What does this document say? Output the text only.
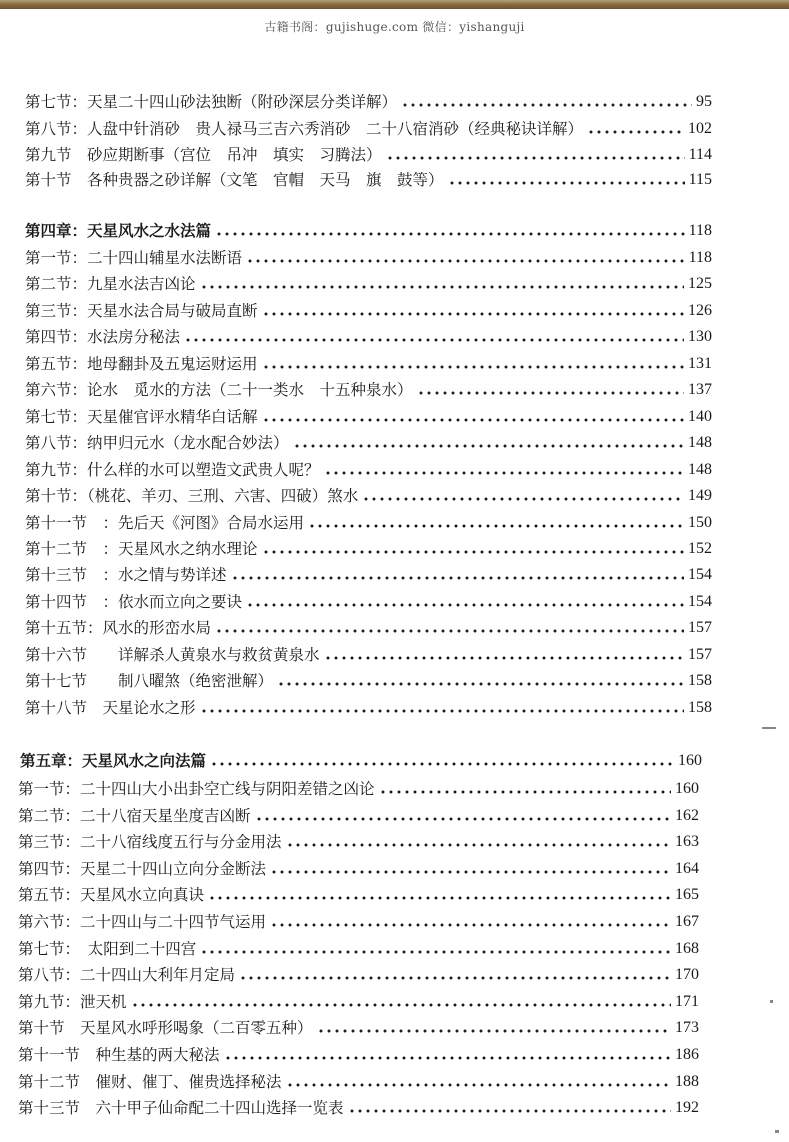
古籍书阁：gujishuge.com 微信：yishanguji
第七节：天星二十四山砂法独断（附砂深层分类详解）	95
第八节：人盘中针消砂　贵人禄马三吉六秀消砂　二十八宿消砂（经典秘诀详解）	102
第九节　砂应期断事（宫位　吊冲　填实　习腾法）	114
第十节　各种贵器之砂详解（文笔　官帽　天马　旗　鼓等）	115
第四章：天星风水之水法篇	118
第一节：二十四山辅星水法断语	118
第二节：九星水法吉凶论	125
第三节：天星水法合局与破局直断	126
第四节：水法房分秘法	130
第五节：地母翻卦及五鬼运财运用	131
第六节：论水　觅水的方法（二十一类水　十五种泉水）	137
第七节：天星催官评水精华白话解	140
第八节：纳甲归元水（龙水配合妙法）	148
第九节：什么样的水可以塑造文武贵人呢？	148
第十节：（桃花、羊刃、三刑、六害、四破）煞水	149
第十一节　：先后天《河图》合局水运用	150
第十二节　：天星风水之纳水理论	152
第十三节　：水之情与势详述	154
第十四节　：依水而立向之要诀	154
第十五节：风水的形峦水局	157
第十六节　　详解杀人黄泉水与救贫黄泉水	157
第十七节　　制八曜煞（绝密泄解）	158
第十八节　天星论水之形	158
第五章：天星风水之向法篇	160
第一节：二十四山大小出卦空亡线与阴阳差错之凶论	160
第二节：二十八宿天星坐度吉凶断	162
第三节：二十八宿线度五行与分金用法	163
第四节：天星二十四山立向分金断法	164
第五节：天星风水立向真诀	165
第六节：二十四山与二十四节气运用	167
第七节：　太阳到二十四宫	168
第八节：二十四山大利年月定局	170
第九节：泄天机	171
第十节　天星风水呼形喝象（二百零五种）	173
第十一节　种生基的两大秘法	186
第十二节　催财、催丁、催贵选择秘法	188
第十三节　六十甲子仙命配二十四山选择一览表	192
